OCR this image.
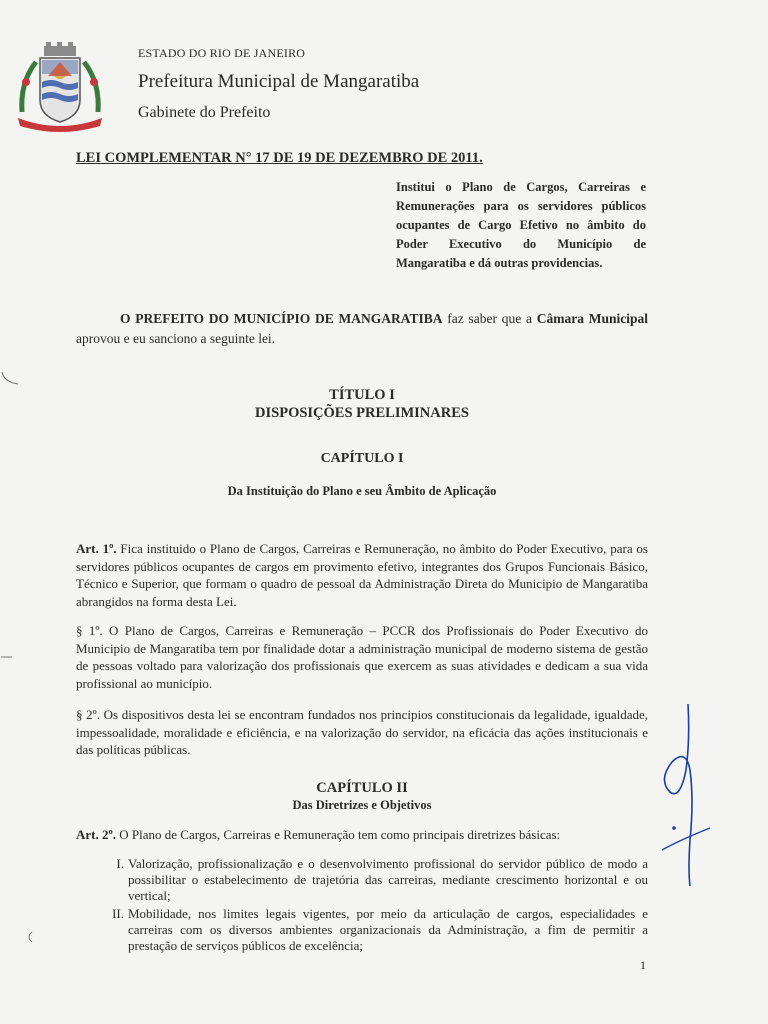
ESTADO DO RIO DE JANEIRO
Prefeitura Municipal de Mangaratiba
Gabinete do Prefeito
LEI COMPLEMENTAR N° 17 DE 19 DE DEZEMBRO DE 2011.
Institui o Plano de Cargos, Carreiras e Remunerações para os servidores públicos ocupantes de Cargo Efetivo no âmbito do Poder Executivo do Município de Mangaratiba e dá outras providencias.
O PREFEITO DO MUNICÍPIO DE MANGARATIBA faz saber que a Câmara Municipal aprovou e eu sanciono a seguinte lei.
TÍTULO I
DISPOSIÇÕES PRELIMINARES
CAPÍTULO I
Da Instituição do Plano e seu Âmbito de Aplicação
Art. 1º. Fica instituido o Plano de Cargos, Carreiras e Remuneração, no âmbito do Poder Executivo, para os servidores públicos ocupantes de cargos em provimento efetivo, integrantes dos Grupos Funcionais Básico, Técnico e Superior, que formam o quadro de pessoal da Administração Direta do Municipio de Mangaratiba abrangidos na forma desta Lei.
§ 1º. O Plano de Cargos, Carreiras e Remuneração – PCCR dos Profissionais do Poder Executivo do Municipio de Mangaratiba tem por finalidade dotar a administração municipal de moderno sistema de gestão de pessoas voltado para valorização dos profissionais que exercem as suas atividades e dedicam a sua vida profissional ao município.
§ 2º. Os dispositivos desta lei se encontram fundados nos principios constitucionais da legalidade, igualdade, impessoalidade, moralidade e eficiência, e na valorização do servidor, na eficácia das ações institucionais e das políticas públicas.
CAPÍTULO II
Das Diretrizes e Objetivos
Art. 2º. O Plano de Cargos, Carreiras e Remuneração tem como principais diretrizes básicas:
I. Valorização, profissionalização e o desenvolvimento profissional do servidor público de modo a possibilitar o estabelecimento de trajetória das carreiras, mediante crescimento horizontal e ou vertical;
II. Mobilidade, nos limites legais vigentes, por meio da articulação de cargos, especialidades e carreiras com os diversos ambientes organizacionais da Administração, a fim de permitir a prestação de serviços públicos de excelência;
1
